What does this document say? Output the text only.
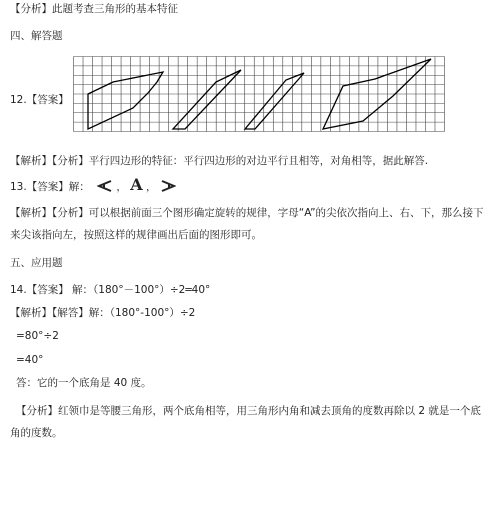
【分析】此题考查三角形的基本特征
四、解答题
12.【答案】
【解析】【分析】平行四边形的特征：平行四边形的对边平行且相等，对角相等，据此解答.
13.【答案】解：	， A ，
【解析】【分析】可以根据前面三个图形确定旋转的规律，字母“A”的尖依次指向上、右、下，那么接下来尖该指向左，按照这样的规律画出后面的图形即可。
五、应用题
14.【答案】 解：（180°－100°）÷2═40°
【解析】【解答】解：（180°-100°）÷2
=80°÷2
=40°
答：它的一个底角是 40 度。
【分析】红领巾是等腰三角形，两个底角相等，用三角形内角和减去顶角的度数再除以 2 就是一个底角的度数。
